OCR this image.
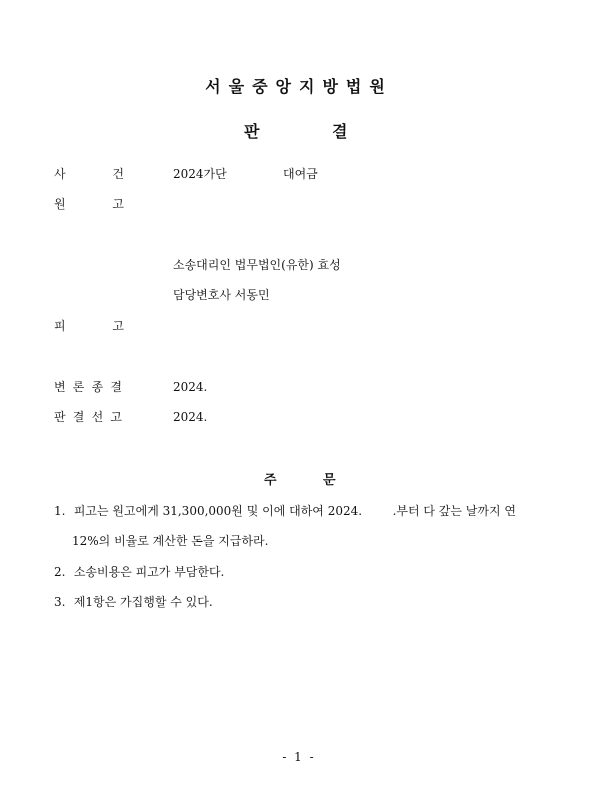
서울중앙지방법원
판	결
사	건	2024가단	대여금
원	고
소송대리인 법무법인(유한) 효성
담당변호사 서동민
피	고
변 론 종 결	2024.
판 결 선 고	2024.
주	문
1. 피고는 원고에게 31,300,000원 및 이에 대하여 2024.        .부터 다 갚는 날까지 연
12%의 비율로 계산한 돈을 지급하라.
2. 소송비용은 피고가 부담한다.
3. 제1항은 가집행할 수 있다.
- 1 -
